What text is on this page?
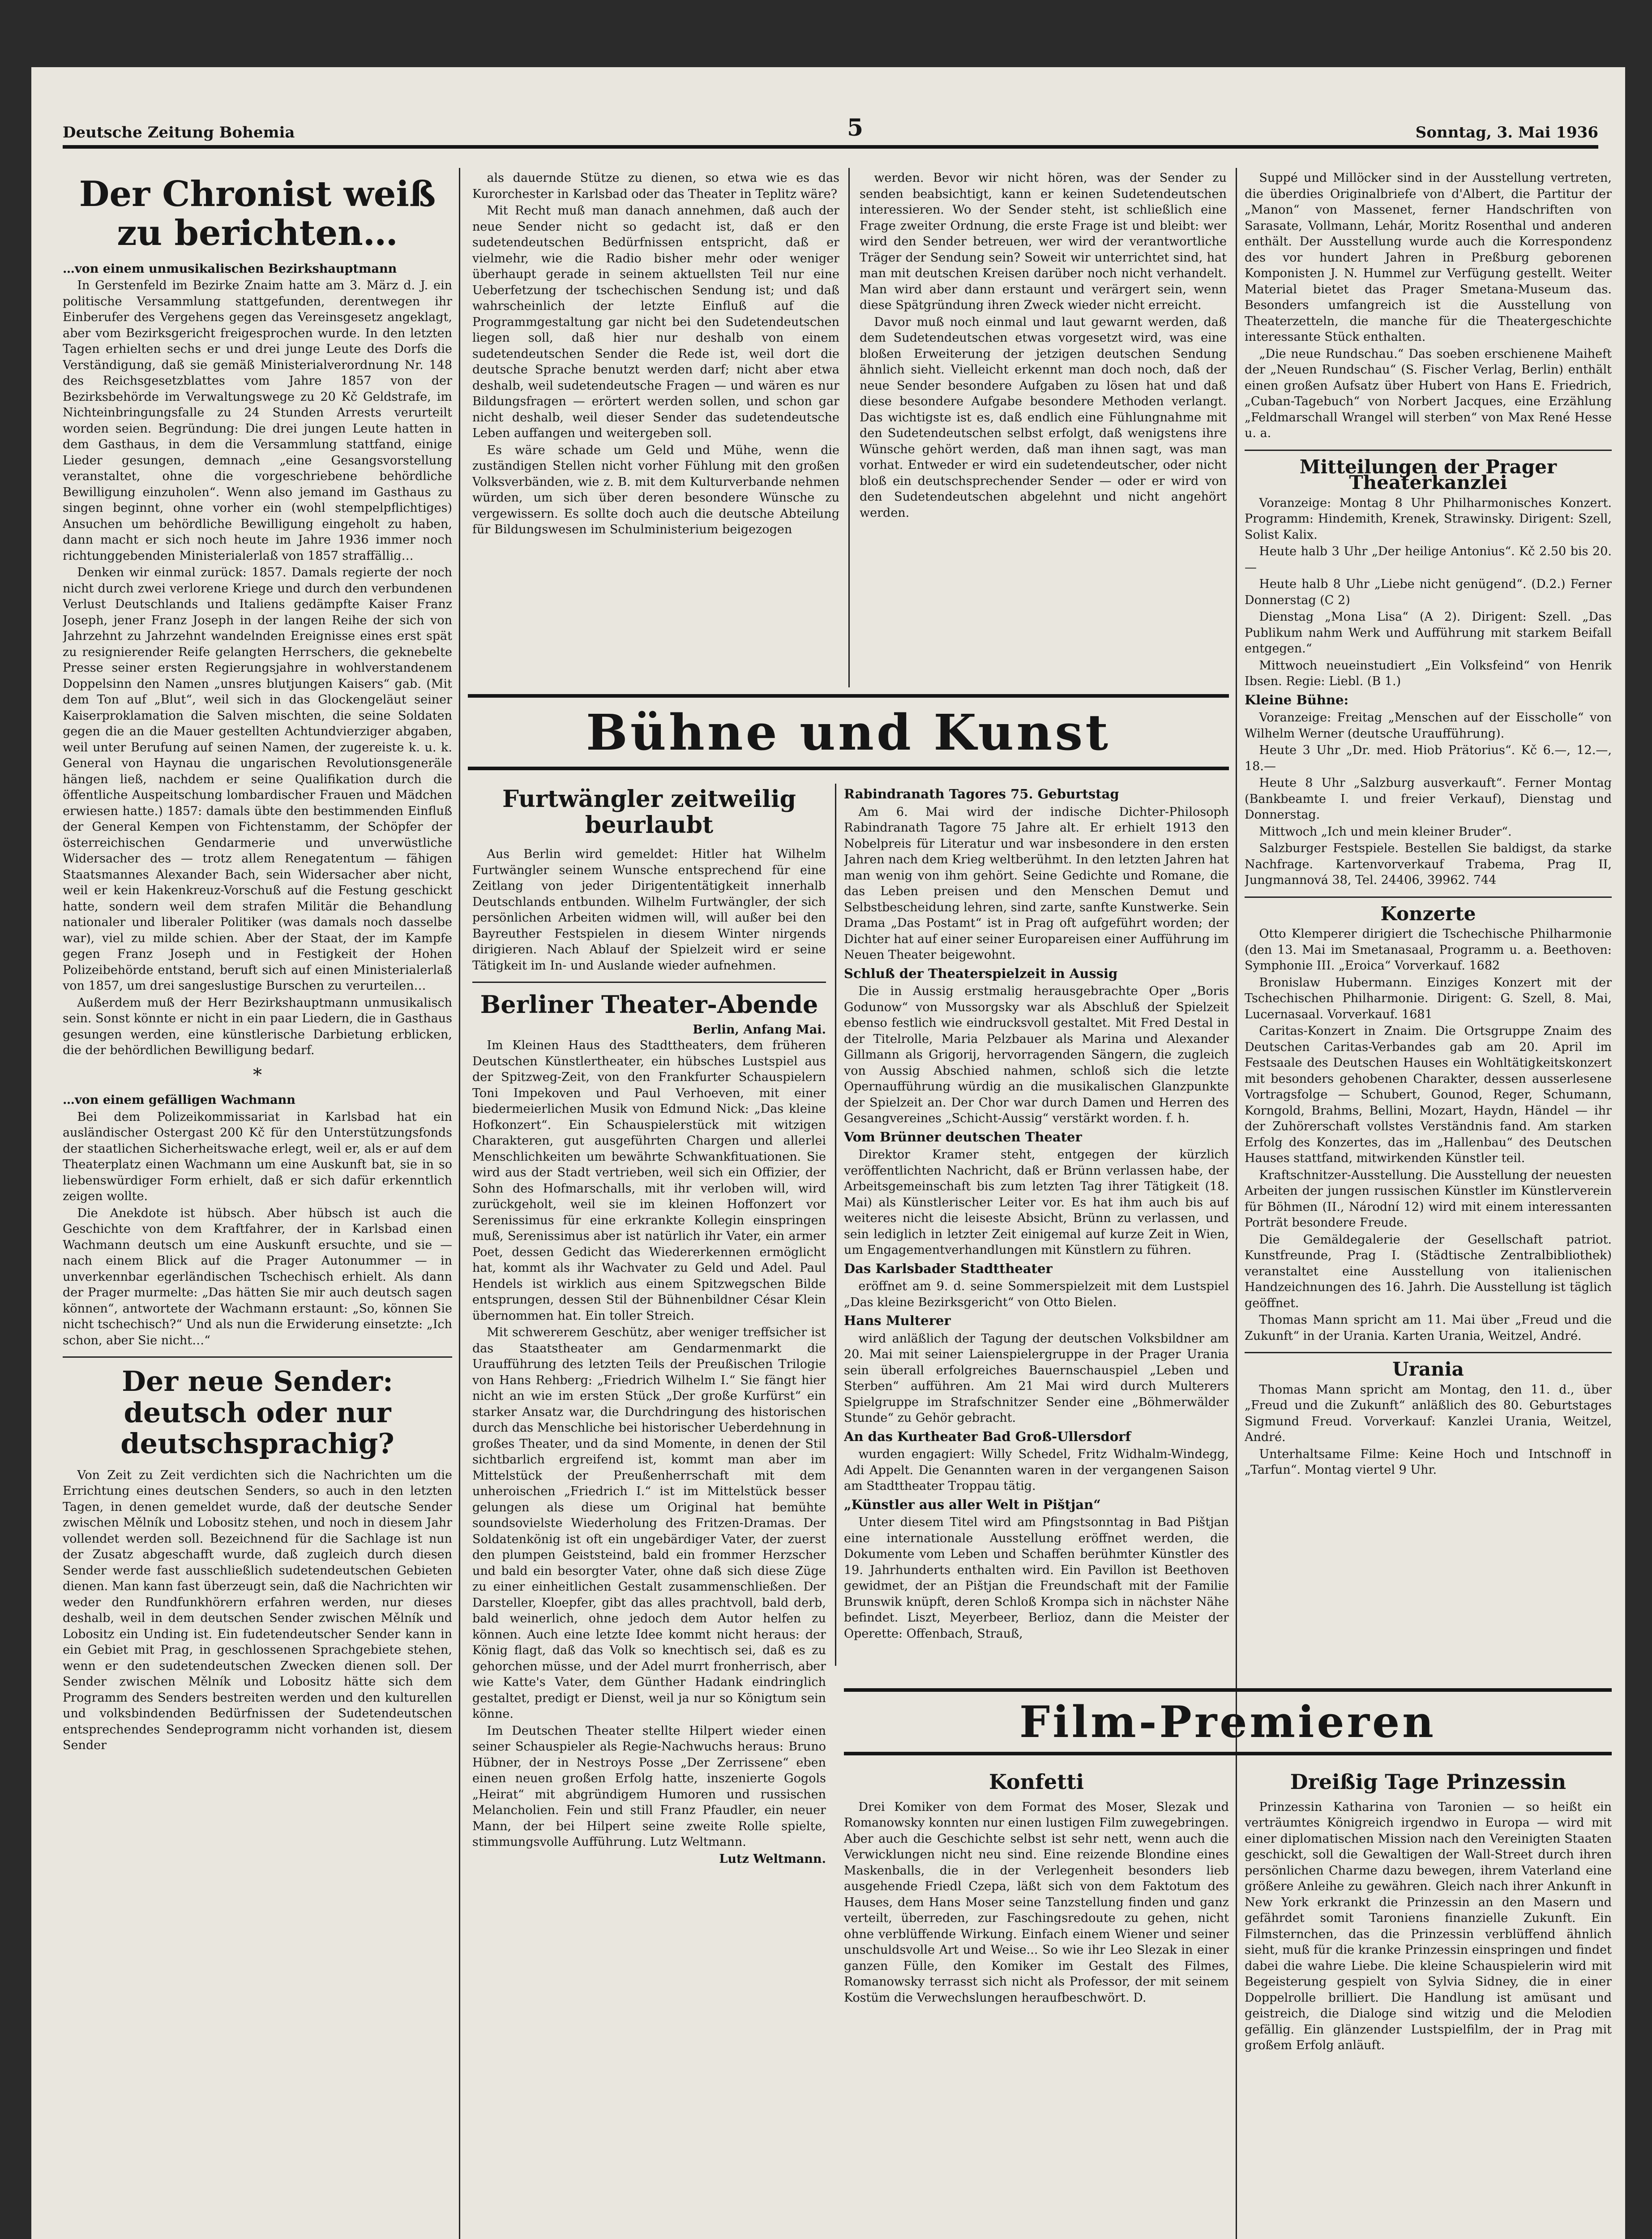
Deutsche Zeitung Bohemia	5	Sonntag, 3. Mai 1936
Der Chronist weiß zu berichten…
…von einem unmusikalischen Bezirkshauptmann

In Gerstenfeld im Bezirke Znaim hatte am 3. März d. J. ein politische Versammlung stattgefunden, derentwegen ihr Einberufer des Vergehens gegen das Vereinsgesetz angeklagt, aber vom Bezirksgericht freigesprochen wurde. In den letzten Tagen erhielten sechs er und drei junge Leute des Dorfs die Verständigung, daß sie gemäß Ministerialverordnung Nr. 148 des Reichsgesetzblattes vom Jahre 1857 von der Bezirksbehörde im Verwaltungswege zu 20 Kč Geldstrafe, im Nichteinbringungsfalle zu 24 Stunden Arrests verurteilt worden seien. Begründung: Die drei jungen Leute hatten in dem Gasthaus, in dem die Versammlung stattfand, einige Lieder gesungen, demnach „eine Gesangsvorstellung veranstaltet, ohne die vorgeschriebene behördliche Bewilligung einzuholen“. Wenn also jemand im Gasthaus zu singen beginnt, ohne vorher ein (wohl stempelpflichtiges) Ansuchen um behördliche Bewilligung eingeholt zu haben, dann macht er sich noch heute im Jahre 1936 immer noch richtunggebenden Ministerialerlaß von 1857 straffällig…

Denken wir einmal zurück: 1857. Damals regierte der noch nicht durch zwei verlorene Kriege und durch den verbundenen Verlust Deutschlands und Italiens gedämpfte Kaiser Franz Joseph, jener Franz Joseph in der langen Reihe der sich von Jahrzehnt zu Jahrzehnt wandelnden Ereignisse eines erst spät zu resignierender Reife gelangten Herrschers, die geknebelte Presse seiner ersten Regierungsjahre in wohlverstandenem Doppelsinn den Namen „unsres blutjungen Kaisers“ gab. (Mit dem Ton auf „Blut“, weil sich in das Glockengeläut seiner Kaiserproklamation die Salven mischten, die seine Soldaten gegen die an die Mauer gestellten Achtundvierziger abgaben, weil unter Berufung auf seinen Namen, der zugereiste k. u. k. General von Haynau die ungarischen Revolutionsgeneräle hängen ließ, nachdem er seine Qualifikation durch die öffentliche Auspeitschung lombardischer Frauen und Mädchen erwiesen hatte.) 1857: damals übte den bestimmenden Einfluß der General Kempen von Fichtenstamm, der Schöpfer der österreichischen Gendarmerie und unverwüstliche Widersacher des — trotz allem Renegatentum — fähigen Staatsmannes Alexander Bach, sein Widersacher aber nicht, weil er kein Hakenkreuz-Vorschuß auf die Festung geschickt hatte, sondern weil dem strafen Militär die Behandlung nationaler und liberaler Politiker (was damals noch dasselbe war), viel zu milde schien. Aber der Staat, der im Kampfe gegen Franz Joseph und in Festigkeit der Hohen Polizeibehörde entstand, beruft sich auf einen Ministerialerlaß von 1857, um drei sangeslustige Burschen zu verurteilen…

Außerdem muß der Herr Bezirkshauptmann unmusikalisch sein. Sonst könnte er nicht in ein paar Liedern, die in Gasthaus gesungen werden, eine künstlerische Darbietung erblicken, die der behördlichen Bewilligung bedarf.

*
…von einem gefälligen Wachmann

Bei dem Polizeikommissariat in Karlsbad hat ein ausländischer Ostergast 200 Kč für den Unterstützungsfonds der staatlichen Sicherheitswache erlegt, weil er, als er auf dem Theaterplatz einen Wachmann um eine Auskunft bat, sie in so liebenswürdiger Form erhielt, daß er sich dafür erkenntlich zeigen wollte.

Die Anekdote ist hübsch. Aber hübsch ist auch die Geschichte von dem Kraftfahrer, der in Karlsbad einen Wachmann deutsch um eine Auskunft ersuchte, und sie — nach einem Blick auf die Prager Autonummer — in unverkennbar egerländischen Tschechisch erhielt. Als dann der Prager murmelte: „Das hätten Sie mir auch deutsch sagen können“, antwortete der Wachmann erstaunt: „So, können Sie nicht tschechisch?“ Und als nun die Erwiderung einsetzte: „Ich schon, aber Sie nicht…“

Der neue Sender: deutsch oder nur deutschsprachig?

Von Zeit zu Zeit verdichten sich die Nachrichten um die Errichtung eines deutschen Senders, so auch in den letzten Tagen, in denen gemeldet wurde, daß der deutsche Sender zwischen Mělník und Lobositz stehen, und noch in diesem Jahr vollendet werden soll. Bezeichnend für die Sachlage ist nun der Zusatz abgeschafft wurde, daß zugleich durch diesen Sender werde fast ausschließlich sudetendeutschen Gebieten dienen. Man kann fast überzeugt sein, daß die Nachrichten wir weder den Rundfunkhörern erfahren werden, nur dieses deshalb, weil in dem deutschen Sender zwischen Mělník und Lobositz ein Unding ist. Ein fudetendeutscher Sender kann in ein Gebiet mit Prag, in geschlossenen Sprachgebiete stehen, wenn er den sudetendeutschen Zwecken dienen soll. Der Sender zwischen Mělník und Lobositz hätte sich dem Programm des Senders bestreiten werden und den kulturellen und volksbindenden Bedürfnissen der Sudetendeutschen entsprechendes Sendeprogramm nicht vorhanden ist, diesem Sender

als dauernde Stütze zu dienen, so etwa wie es das Kurorchester in Karlsbad oder das Theater in Teplitz wäre?

Mit Recht muß man danach annehmen, daß auch der neue Sender nicht so gedacht ist, daß er den sudetendeutschen Bedürfnissen entspricht, daß er vielmehr, wie die Radio bisher mehr oder weniger überhaupt gerade in seinem aktuellsten Teil nur eine Ueberfetzung der tschechischen Sendung ist; und daß wahrscheinlich der letzte Einfluß auf die Programmgestaltung gar nicht bei den Sudetendeutschen liegen soll, daß hier nur deshalb von einem sudetendeutschen Sender die Rede ist, weil dort die deutsche Sprache benutzt werden darf; nicht aber etwa deshalb, weil sudetendeutsche Fragen — und wären es nur Bildungsfragen — erörtert werden sollen, und schon gar nicht deshalb, weil dieser Sender das sudetendeutsche Leben auffangen und weitergeben soll.

Es wäre schade um Geld und Mühe, wenn die zuständigen Stellen nicht vorher Fühlung mit den großen Volksverbänden, wie z. B. mit dem Kulturverbande nehmen würden, um sich über deren besondere Wünsche zu vergewissern. Es sollte doch auch die deutsche Abteilung für Bildungswesen im Schulministerium beigezogen

werden. Bevor wir nicht hören, was der Sender zu senden beabsichtigt, kann er keinen Sudetendeutschen interessieren. Wo der Sender steht, ist schließlich eine Frage zweiter Ordnung, die erste Frage ist und bleibt: wer wird den Sender betreuen, wer wird der verantwortliche Träger der Sendung sein? Soweit wir unterrichtet sind, hat man mit deutschen Kreisen darüber noch nicht verhandelt. Man wird aber dann erstaunt und verärgert sein, wenn diese Spätgründung ihren Zweck wieder nicht erreicht.

Davor muß noch einmal und laut gewarnt werden, daß dem Sudetendeutschen etwas vorgesetzt wird, was eine bloßen Erweiterung der jetzigen deutschen Sendung ähnlich sieht. Vielleicht erkennt man doch noch, daß der neue Sender besondere Aufgaben zu lösen hat und daß diese besondere Aufgabe besondere Methoden verlangt. Das wichtigste ist es, daß endlich eine Fühlungnahme mit den Sudetendeutschen selbst erfolgt, daß wenigstens ihre Wünsche gehört werden, daß man ihnen sagt, was man vorhat. Entweder er wird ein sudetendeutscher, oder nicht bloß ein deutschsprechender Sender — oder er wird von den Sudetendeutschen abgelehnt und nicht angehört werden.

Bühne und Kunst
Furtwängler zeitweilig beurlaubt

Aus Berlin wird gemeldet: Hitler hat Wilhelm Furtwängler seinem Wunsche entsprechend für eine Zeitlang von jeder Dirigententätigkeit innerhalb Deutschlands entbunden. Wilhelm Furtwängler, der sich persönlichen Arbeiten widmen will, will außer bei den Bayreuther Festspielen in diesem Winter nirgends dirigieren. Nach Ablauf der Spielzeit wird er seine Tätigkeit im In- und Auslande wieder aufnehmen.

Berliner Theater-Abende
Berlin, Anfang Mai.

Im Kleinen Haus des Stadttheaters, dem früheren Deutschen Künstlertheater, ein hübsches Lustspiel aus der Spitzweg-Zeit, von den Frankfurter Schauspielern Toni Impekoven und Paul Verhoeven, mit einer biedermeierlichen Musik von Edmund Nick: „Das kleine Hofkonzert“. Ein Schauspielerstück mit witzigen Charakteren, gut ausgeführten Chargen und allerlei Menschlichkeiten um bewährte Schwankfituationen. Sie wird aus der Stadt vertrieben, weil sich ein Offizier, der Sohn des Hofmarschalls, mit ihr verloben will, wird zurückgeholt, weil sie im kleinen Hoffonzert vor Serenissimus für eine erkrankte Kollegin einspringen muß, Serenissimus aber ist natürlich ihr Vater, ein armer Poet, dessen Gedicht das Wiedererkennen ermöglicht hat, kommt als ihr Wachvater zu Geld und Adel. Paul Hendels ist wirklich aus einem Spitzwegschen Bilde entsprungen, dessen Stil der Bühnenbildner César Klein übernommen hat. Ein toller Streich.

Mit schwererem Geschütz, aber weniger treffsicher ist das Staatstheater am Gendarmenmarkt die Uraufführung des letzten Teils der Preußischen Trilogie von Hans Rehberg: „Friedrich Wilhelm I.“ Sie fängt hier nicht an wie im ersten Stück „Der große Kurfürst“ ein starker Ansatz war, die Durchdringung des historischen durch das Menschliche bei historischer Ueberdehnung in großes Theater, und da sind Momente, in denen der Stil sichtbarlich ergreifend ist, kommt man aber im Mittelstück der Preußenherrschaft mit dem unheroischen „Friedrich I.“ ist im Mittelstück besser gelungen als diese um Original hat bemühte soundsovielste Wiederholung des Fritzen-Dramas. Der Soldatenkönig ist oft ein ungebärdiger Vater, der zuerst den plumpen Geiststeind, bald ein frommer Herzscher und bald ein besorgter Vater, ohne daß sich diese Züge zu einer einheitlichen Gestalt zusammenschließen. Der Darsteller, Kloepfer, gibt das alles prachtvoll, bald derb, bald weinerlich, ohne jedoch dem Autor helfen zu können. Auch eine letzte Idee kommt nicht heraus: der König flagt, daß das Volk so knechtisch sei, daß es zu gehorchen müsse, und der Adel murrt fronherrisch, aber wie Katte's Vater, dem Günther Hadank eindringlich gestaltet, predigt er Dienst, weil ja nur so Königtum sein könne.

Im Deutschen Theater stellte Hilpert wieder einen seiner Schauspieler als Regie-Nachwuchs heraus: Bruno Hübner, der in Nestroys Posse „Der Zerrissene“ eben einen neuen großen Erfolg hatte, inszenierte Gogols „Heirat“ mit abgründigem Humoren und russischen Melancholien. Fein und still Franz Pfaudler, ein neuer Mann, der bei Hilpert seine zweite Rolle spielte, stimmungsvolle Aufführung. Lutz Weltmann.

Lutz Weltmann.
Rabindranath Tagores 75. Geburtstag

Am 6. Mai wird der indische Dichter-Philosoph Rabindranath Tagore 75 Jahre alt. Er erhielt 1913 den Nobelpreis für Literatur und war insbesondere in den ersten Jahren nach dem Krieg weltberühmt. In den letzten Jahren hat man wenig von ihm gehört. Seine Gedichte und Romane, die das Leben preisen und den Menschen Demut und Selbstbescheidung lehren, sind zarte, sanfte Kunstwerke. Sein Drama „Das Postamt“ ist in Prag oft aufgeführt worden; der Dichter hat auf einer seiner Europareisen einer Aufführung im Neuen Theater beigewohnt.

Schluß der Theaterspielzeit in Aussig

Die in Aussig erstmalig herausgebrachte Oper „Boris Godunow“ von Mussorgsky war als Abschluß der Spielzeit ebenso festlich wie eindrucksvoll gestaltet. Mit Fred Destal in der Titelrolle, Maria Pelzbauer als Marina und Alexander Gillmann als Grigorij, hervorragenden Sängern, die zugleich von Aussig Abschied nahmen, schloß sich die letzte Opernaufführung würdig an die musikalischen Glanzpunkte der Spielzeit an. Der Chor war durch Damen und Herren des Gesangvereines „Schicht-Aussig“ verstärkt worden. f. h.

Vom Brünner deutschen Theater

Direktor Kramer steht, entgegen der kürzlich veröffentlichten Nachricht, daß er Brünn verlassen habe, der Arbeitsgemeinschaft bis zum letzten Tag ihrer Tätigkeit (18. Mai) als Künstlerischer Leiter vor. Es hat ihm auch bis auf weiteres nicht die leiseste Absicht, Brünn zu verlassen, und sein lediglich in letzter Zeit einigemal auf kurze Zeit in Wien, um Engagementverhandlungen mit Künstlern zu führen.

Das Karlsbader Stadttheater

eröffnet am 9. d. seine Sommerspielzeit mit dem Lustspiel „Das kleine Bezirksgericht“ von Otto Bielen.

Hans Multerer

wird anläßlich der Tagung der deutschen Volksbildner am 20. Mai mit seiner Laienspielergruppe in der Prager Urania sein überall erfolgreiches Bauernschauspiel „Leben und Sterben“ aufführen. Am 21 Mai wird durch Multerers Spielgruppe im Strafschnitzer Sender eine „Böhmerwälder Stunde“ zu Gehör gebracht.

An das Kurtheater Bad Groß-Ullersdorf

wurden engagiert: Willy Schedel, Fritz Widhalm-Windegg, Adi Appelt. Die Genannten waren in der vergangenen Saison am Stadttheater Troppau tätig.

„Künstler aus aller Welt in Pištjan“

Unter diesem Titel wird am Pfingstsonntag in Bad Pištjan eine internationale Ausstellung eröffnet werden, die Dokumente vom Leben und Schaffen berühmter Künstler des 19. Jahrhunderts enthalten wird. Ein Pavillon ist Beethoven gewidmet, der an Pištjan die Freundschaft mit der Familie Brunswik knüpft, deren Schloß Krompa sich in nächster Nähe befindet. Liszt, Meyerbeer, Berlioz, dann die Meister der Operette: Offenbach, Strauß,

Suppé und Millöcker sind in der Ausstellung vertreten, die überdies Originalbriefe von d'Albert, die Partitur der „Manon“ von Massenet, ferner Handschriften von Sarasate, Vollmann, Lehár, Moritz Rosenthal und anderen enthält. Der Ausstellung wurde auch die Korrespondenz des vor hundert Jahren in Preßburg geborenen Komponisten J. N. Hummel zur Verfügung gestellt. Weiter Material bietet das Prager Smetana-Museum das. Besonders umfangreich ist die Ausstellung von Theaterzetteln, die manche für die Theatergeschichte interessante Stück enthalten.

„Die neue Rundschau.“ Das soeben erschienene Maiheft der „Neuen Rundschau“ (S. Fischer Verlag, Berlin) enthält einen großen Aufsatz über Hubert von Hans E. Friedrich, „Cuban-Tagebuch“ von Norbert Jacques, eine Erzählung „Feldmarschall Wrangel will sterben“ von Max René Hesse u. a.

Mitteilungen der Prager Theaterkanzlei

Voranzeige: Montag 8 Uhr Philharmonisches Konzert. Programm: Hindemith, Krenek, Strawinsky. Dirigent: Szell, Solist Kalix.

Heute halb 3 Uhr „Der heilige Antonius“. Kč 2.50 bis 20.—

Heute halb 8 Uhr „Liebe nicht genügend“. (D.2.) Ferner Donnerstag (C 2)

Dienstag „Mona Lisa“ (A 2). Dirigent: Szell. „Das Publikum nahm Werk und Aufführung mit starkem Beifall entgegen.“

Mittwoch neueinstudiert „Ein Volksfeind“ von Henrik Ibsen. Regie: Liebl. (B 1.)

Kleine Bühne:

Voranzeige: Freitag „Menschen auf der Eisscholle“ von Wilhelm Werner (deutsche Uraufführung).

Heute 3 Uhr „Dr. med. Hiob Prätorius“. Kč 6.—, 12.—, 18.—

Heute 8 Uhr „Salzburg ausverkauft“. Ferner Montag (Bankbeamte I. und freier Verkauf), Dienstag und Donnerstag.

Mittwoch „Ich und mein kleiner Bruder“.

Salzburger Festspiele. Bestellen Sie baldigst, da starke Nachfrage. Kartenvorverkauf Trabema, Prag II, Jungmannová 38, Tel. 24406, 39962. 744

Konzerte

Otto Klemperer dirigiert die Tschechische Philharmonie (den 13. Mai im Smetanasaal, Programm u. a. Beethoven: Symphonie III. „Eroica“ Vorverkauf. 1682

Bronislaw Hubermann. Einziges Konzert mit der Tschechischen Philharmonie. Dirigent: G. Szell, 8. Mai, Lucernasaal. Vorverkauf. 1681

Caritas-Konzert in Znaim. Die Ortsgruppe Znaim des Deutschen Caritas-Verbandes gab am 20. April im Festsaale des Deutschen Hauses ein Wohltätigkeitskonzert mit besonders gehobenen Charakter, dessen ausserlesene Vortragsfolge — Schubert, Gounod, Reger, Schumann, Korngold, Brahms, Bellini, Mozart, Haydn, Händel — ihr der Zuhörerschaft vollstes Verständnis fand. Am starken Erfolg des Konzertes, das im „Hallenbau“ des Deutschen Hauses stattfand, mitwirkenden Künstler teil.

Kraftschnitzer-Ausstellung. Die Ausstellung der neuesten Arbeiten der jungen russischen Künstler im Künstlerverein für Böhmen (II., Národní 12) wird mit einem interessanten Porträt besondere Freude.

Die Gemäldegalerie der Gesellschaft patriot. Kunstfreunde, Prag I. (Städtische Zentralbibliothek) veranstaltet eine Ausstellung von italienischen Handzeichnungen des 16. Jahrh. Die Ausstellung ist täglich geöffnet.

Thomas Mann spricht am 11. Mai über „Freud und die Zukunft“ in der Urania. Karten Urania, Weitzel, André.

Urania

Thomas Mann spricht am Montag, den 11. d., über „Freud und die Zukunft“ anläßlich des 80. Geburtstages Sigmund Freud. Vorverkauf: Kanzlei Urania, Weitzel, André.

Unterhaltsame Filme: Keine Hoch und Intschnoff in „Tarfun“. Montag viertel 9 Uhr.

Film-Premieren
Konfetti

Drei Komiker von dem Format des Moser, Slezak und Romanowsky konnten nur einen lustigen Film zuwegebringen. Aber auch die Geschichte selbst ist sehr nett, wenn auch die Verwicklungen nicht neu sind. Eine reizende Blondine eines Maskenballs, die in der Verlegenheit besonders lieb ausgehende Friedl Czepa, läßt sich von dem Faktotum des Hauses, dem Hans Moser seine Tanzstellung finden und ganz verteilt, überreden, zur Faschingsredoute zu gehen, nicht ohne verblüffende Wirkung. Einfach einem Wiener und seiner unschuldsvolle Art und Weise... So wie ihr Leo Slezak in einer ganzen Fülle, den Komiker im Gestalt des Filmes, Romanowsky terrasst sich nicht als Professor, der mit seinem Kostüm die Verwechslungen heraufbeschwört. D.

Dreißig Tage Prinzessin

Prinzessin Katharina von Taronien — so heißt ein verträumtes Königreich irgendwo in Europa — wird mit einer diplomatischen Mission nach den Vereinigten Staaten geschickt, soll die Gewaltigen der Wall-Street durch ihren persönlichen Charme dazu bewegen, ihrem Vaterland eine größere Anleihe zu gewähren. Gleich nach ihrer Ankunft in New York erkrankt die Prinzessin an den Masern und gefährdet somit Taroniens finanzielle Zukunft. Ein Filmsternchen, das die Prinzessin verblüffend ähnlich sieht, muß für die kranke Prinzessin einspringen und findet dabei die wahre Liebe. Die kleine Schauspielerin wird mit Begeisterung gespielt von Sylvia Sidney, die in einer Doppelrolle brilliert. Die Handlung ist amüsant und geistreich, die Dialoge sind witzig und die Melodien gefällig. Ein glänzender Lustspielfilm, der in Prag mit großem Erfolg anläuft.
